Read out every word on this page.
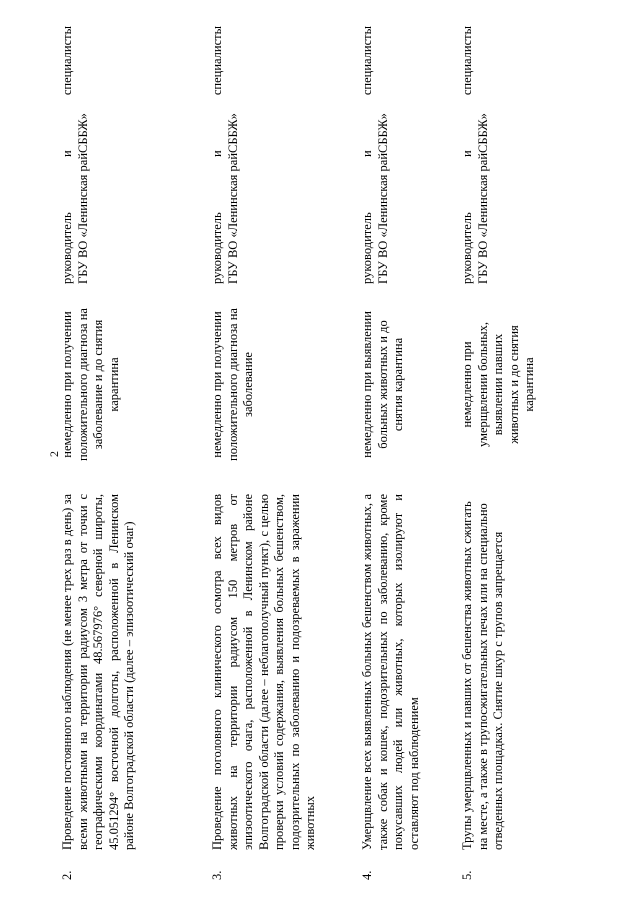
2
2.
Проведение постоянного наблюдения (не менее трех раз в день) за всеми животными на территории радиусом 3 метра от точки с географическими координатами 48.567976° северной широты, 45.051294° восточной долготы, расположенной в Ленинском районе Волгоградской области (далее – эпизоотический очаг)
немедленно при получении положительного диагноза на заболевание и до снятия карантина
руководитель и специалисты ГБУ ВО «Ленинская райСББЖ»
3.
Проведение поголовного клинического осмотра всех видов животных на территории радиусом 150 метров от эпизоотического очага, расположенной в Ленинском районе Волгоградской области (далее – неблагополучный пункт), с целью проверки условий содержания, выявления больных бешенством, подозрительных по заболеванию и подозреваемых в заражении животных
немедленно при получении положительного диагноза на заболевание
руководитель и специалисты ГБУ ВО «Ленинская райСББЖ»
4.
Умерщвление всех выявленных больных бешенством животных, а также собак и кошек, подозрительных по заболеванию, кроме покусавших людей или животных, которых изолируют и оставляют под наблюдением
немедленно при выявлении больных животных и до снятия карантина
руководитель и специалисты ГБУ ВО «Ленинская райСББЖ»
5.
Трупы умерщвленных и павших от бешенства животных сжигать на месте, а также в трупосжигательных печах или на специально отведенных площадках. Снятие шкур с трупов запрещается
немедленно при умерщвлении больных, выявлении павших животных и до снятия карантина
руководитель и специалисты ГБУ ВО «Ленинская райСББЖ»
